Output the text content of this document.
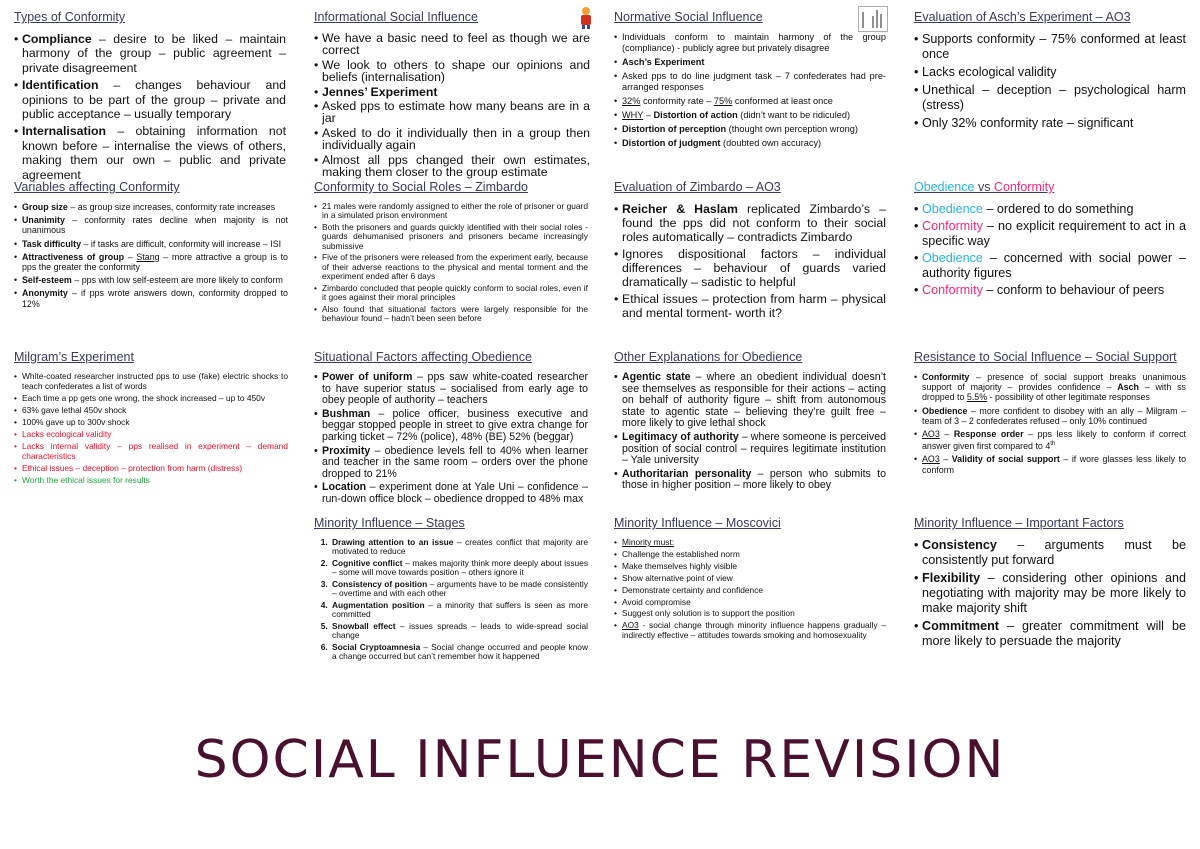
Types of Conformity
• Compliance – desire to be liked – maintain harmony of the group – public agreement – private disagreement
• Identification – changes behaviour and opinions to be part of the group – private and public acceptance – usually temporary
• Internalisation – obtaining information not known before – internalise the views of others, making them our own – public and private agreement
Informational Social Influence
• We have a basic need to feel as though we are correct
• We look to others to shape our opinions and beliefs (internalisation)
• Jennes’ Experiment
• Asked pps to estimate how many beans are in a jar
• Asked to do it individually then in a group then individually again
• Almost all pps changed their own estimates, making them closer to the group estimate
Normative Social Influence
• Individuals conform to maintain harmony of the group (compliance) - publicly agree but privately disagree
• Asch’s Experiment
• Asked pps to do line judgment task – 7 confederates had pre-arranged responses
• 32% conformity rate – 75% conformed at least once
• WHY – Distortion of action (didn’t want to be ridiculed)
• Distortion of perception (thought own perception wrong)
• Distortion of judgment (doubted own accuracy)
Evaluation of Asch’s Experiment – AO3
• Supports conformity – 75% conformed at least once
• Lacks ecological validity
• Unethical – deception – psychological harm (stress)
• Only 32% conformity rate – significant
Variables affecting Conformity
• Group size – as group size increases, conformity rate increases
• Unanimity – conformity rates decline when majority is not unanimous
• Task difficulty – if tasks are difficult, conformity will increase – ISI
• Attractiveness of group – Stang – more attractive a group is to pps the greater the conformity
• Self-esteem – pps with low self-esteem are more likely to conform
• Anonymity – if pps wrote answers down, conformity dropped to 12%
Conformity to Social Roles – Zimbardo
• 21 males were randomly assigned to either the role of prisoner or guard in a simulated prison environment
• Both the prisoners and guards quickly identified with their social roles - guards dehumanised prisoners and prisoners became increasingly submissive
• Five of the prisoners were released from the experiment early, because of their adverse reactions to the physical and mental torment and the experiment ended after 6 days
• Zimbardo concluded that people quickly conform to social roles, even if it goes against their moral principles
• Also found that situational factors were largely responsible for the behaviour found – hadn’t been seen before
Evaluation of Zimbardo – AO3
• Reicher & Haslam replicated Zimbardo’s – found the pps did not conform to their social roles automatically – contradicts Zimbardo
• Ignores dispositional factors – individual differences – behaviour of guards varied dramatically – sadistic to helpful
• Ethical issues – protection from harm – physical and mental torment- worth it?
Obedience vs Conformity
• Obedience – ordered to do something
• Conformity – no explicit requirement to act in a specific way
• Obedience – concerned with social power – authority figures
• Conformity – conform to behaviour of peers
Milgram’s Experiment
• White-coated researcher instructed pps to use (fake) electric shocks to teach confederates a list of words
• Each time a pp gets one wrong, the shock increased – up to 450v
• 63% gave lethal 450v shock
• 100% gave up to 300v shock
• Lacks ecological validity
• Lacks internal validity – pps realised in experiment – demand characteristics
• Ethical issues – deception – protection from harm (distress)
• Worth the ethical issues for results
Situational Factors affecting Obedience
• Power of uniform – pps saw white-coated researcher to have superior status – socialised from early age to obey people of authority – teachers
• Bushman – police officer, business executive and beggar stopped people in street to give extra change for parking ticket – 72% (police), 48% (BE) 52% (beggar)
• Proximity – obedience levels fell to 40% when learner and teacher in the same room – orders over the phone dropped to 21%
• Location – experiment done at Yale Uni – confidence – run-down office block – obedience dropped to 48% max
Other Explanations for Obedience
• Agentic state – where an obedient individual doesn’t see themselves as responsible for their actions – acting on behalf of authority figure – shift from autonomous state to agentic state – believing they’re guilt free – more likely to give lethal shock
• Legitimacy of authority – where someone is perceived position of social control – requires legitimate institution – Yale university
• Authoritarian personality – person who submits to those in higher position – more likely to obey
Resistance to Social Influence – Social Support
• Conformity – presence of social support breaks unanimous support of majority – provides confidence – Asch – with ss dropped to 5.5% - possibility of other legitimate responses
• Obedience – more confident to disobey with an ally – Milgram – team of 3 – 2 confederates refused – only 10% continued
• AO3 – Response order – pps less likely to conform if correct answer given first compared to 4th
• AO3 – Validity of social support – if wore glasses less likely to conform
Minority Influence – Stages
1. Drawing attention to an issue – creates conflict that majority are motivated to reduce
2. Cognitive conflict – makes majority think more deeply about issues – some will move towards position – others ignore it
3. Consistency of position – arguments have to be made consistently – overtime and with each other
4. Augmentation position – a minority that suffers is seen as more committed
5. Snowball effect – issues spreads – leads to wide-spread social change
6. Social Cryptoamnesia – Social change occurred and people know a change occurred but can’t remember how it happened
Minority Influence – Moscovici
• Minority must:
• Challenge the established norm
• Make themselves highly visible
• Show alternative point of view
• Demonstrate certainty and confidence
• Avoid compromise
• Suggest only solution is to support the position
• AO3 - social change through minority influence happens gradually – indirectly effective – attitudes towards smoking and homosexuality
Minority Influence – Important Factors
• Consistency – arguments must be consistently put forward
• Flexibility – considering other opinions and negotiating with majority may be more likely to make majority shift
• Commitment – greater commitment will be more likely to persuade the majority
SOCIAL INFLUENCE REVISION
